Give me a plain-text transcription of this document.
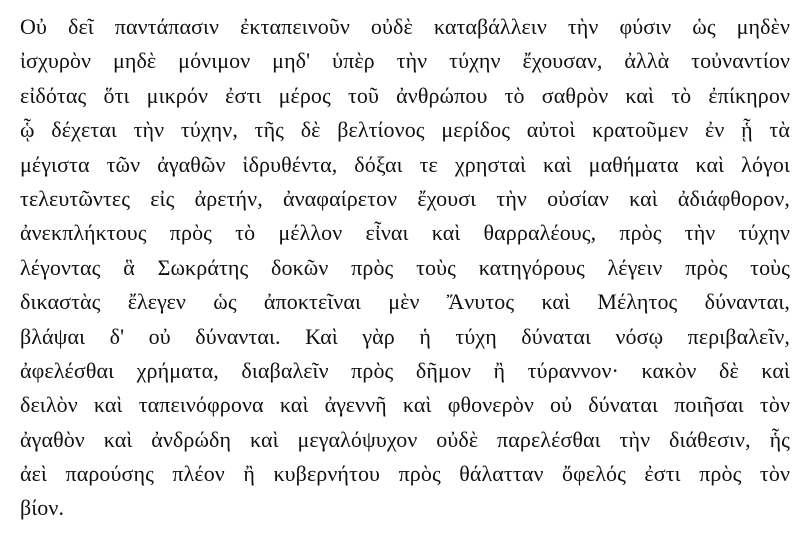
Οὐ δεῖ παντάπασιν ἐκταπεινοῦν οὐδὲ καταβάλλειν τὴν φύσιν ὡς μηδὲν
ἰσχυρὸν μηδὲ μόνιμον μηδ' ὑπὲρ τὴν τύχην ἔχουσαν, ἀλλὰ τοὐναντίον
εἰδότας ὅτι μικρόν ἐστι μέρος τοῦ ἀνθρώπου τὸ σαθρὸν καὶ τὸ ἐπίκηρον
ᾧ δέχεται τὴν τύχην, τῆς δὲ βελτίονος μερίδος αὐτοὶ κρατοῦμεν ἐν ᾗ τὰ
μέγιστα τῶν ἀγαθῶν ἱδρυθέντα, δόξαι τε χρησταὶ καὶ μαθήματα καὶ λόγοι
τελευτῶντες εἰς ἀρετήν, ἀναφαίρετον ἔχουσι τὴν οὐσίαν καὶ ἀδιάφθορον,
ἀνεκπλήκτους πρὸς τὸ μέλλον εἶναι καὶ θαρραλέους, πρὸς τὴν τύχην
λέγοντας ἃ Σωκράτης δοκῶν πρὸς τοὺς κατηγόρους λέγειν πρὸς τοὺς
δικαστὰς ἔλεγεν ὡς ἀποκτεῖναι μὲν Ἄνυτος καὶ Μέλητος δύνανται,
βλάψαι δ' οὐ δύνανται. Καὶ γὰρ ἡ τύχη δύναται νόσῳ περιβαλεῖν,
ἀφελέσθαι χρήματα, διαβαλεῖν πρὸς δῆμον ἢ τύραννον· κακὸν δὲ καὶ
δειλὸν καὶ ταπεινόφρονα καὶ ἀγεννῆ καὶ φθονερὸν οὐ δύναται ποιῆσαι τὸν
ἀγαθὸν καὶ ἀνδρώδη καὶ μεγαλόψυχον οὐδὲ παρελέσθαι τὴν διάθεσιν, ἧς
ἀεὶ παρούσης πλέον ἢ κυβερνήτου πρὸς θάλατταν ὄφελός ἐστι πρὸς τὸν
βίον.
